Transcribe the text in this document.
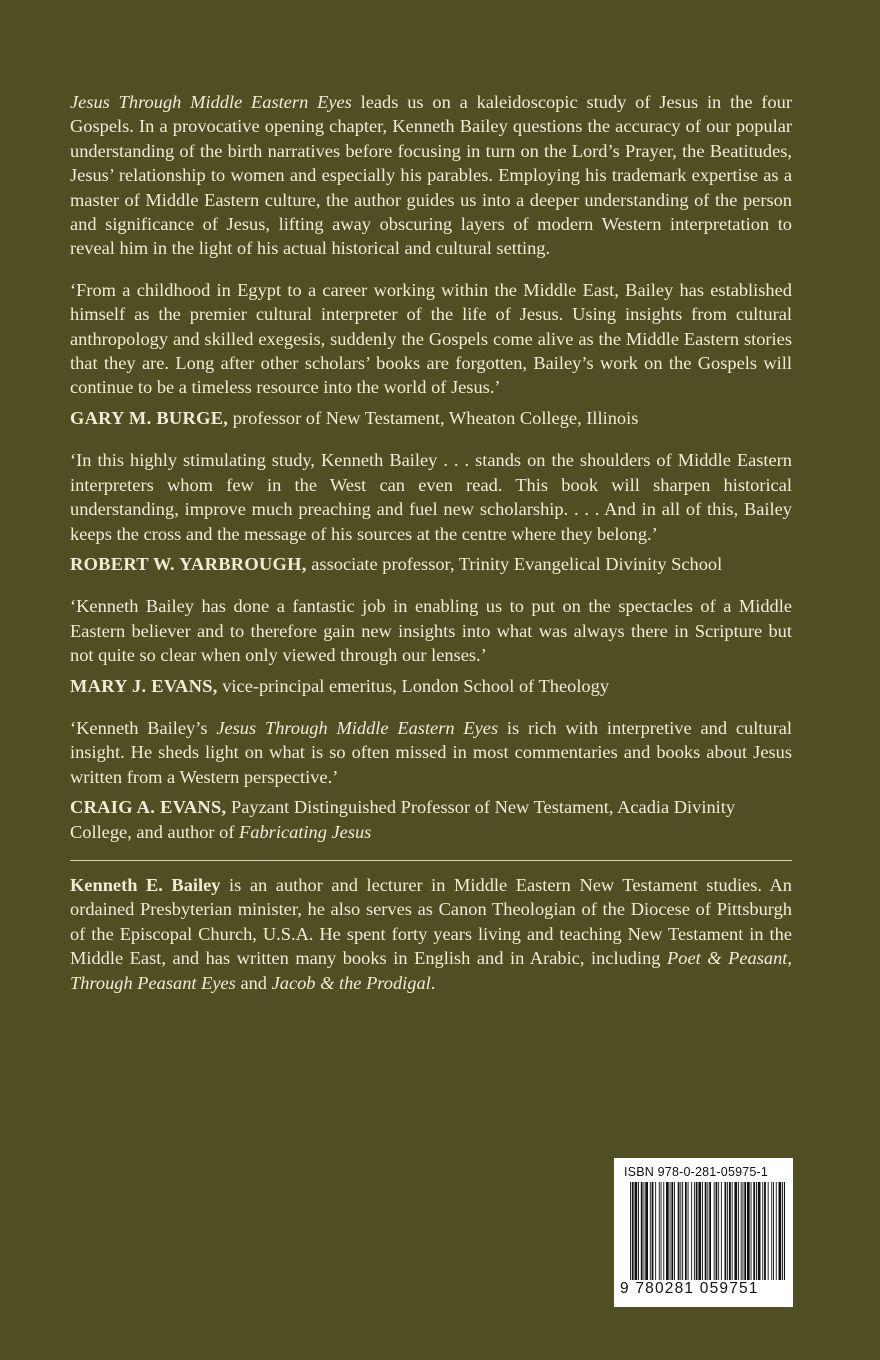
Jesus Through Middle Eastern Eyes leads us on a kaleidoscopic study of Jesus in the four Gospels. In a provocative opening chapter, Kenneth Bailey questions the accuracy of our popular understanding of the birth narratives before focusing in turn on the Lord’s Prayer, the Beatitudes, Jesus’ relationship to women and especially his parables. Employing his trademark expertise as a master of Middle Eastern culture, the author guides us into a deeper understanding of the person and significance of Jesus, lifting away obscuring layers of modern Western interpretation to reveal him in the light of his actual historical and cultural setting.

‘From a childhood in Egypt to a career working within the Middle East, Bailey has established himself as the premier cultural interpreter of the life of Jesus. Using insights from cultural anthropology and skilled exegesis, suddenly the Gospels come alive as the Middle Eastern stories that they are. Long after other scholars’ books are forgotten, Bailey’s work on the Gospels will continue to be a timeless resource into the world of Jesus.’

GARY M. BURGE, professor of New Testament, Wheaton College, Illinois

‘In this highly stimulating study, Kenneth Bailey . . . stands on the shoulders of Middle Eastern interpreters whom few in the West can even read. This book will sharpen historical understanding, improve much preaching and fuel new scholarship. . . . And in all of this, Bailey keeps the cross and the message of his sources at the centre where they belong.’

ROBERT W. YARBROUGH, associate professor, Trinity Evangelical Divinity School

‘Kenneth Bailey has done a fantastic job in enabling us to put on the spectacles of a Middle Eastern believer and to therefore gain new insights into what was always there in Scripture but not quite so clear when only viewed through our lenses.’

MARY J. EVANS, vice-principal emeritus, London School of Theology

‘Kenneth Bailey’s Jesus Through Middle Eastern Eyes is rich with interpretive and cultural insight. He sheds light on what is so often missed in most commentaries and books about Jesus written from a Western perspective.’

CRAIG A. EVANS, Payzant Distinguished Professor of New Testament, Acadia Divinity College, and author of Fabricating Jesus

Kenneth E. Bailey is an author and lecturer in Middle Eastern New Testament studies. An ordained Presbyterian minister, he also serves as Canon Theologian of the Diocese of Pittsburgh of the Episcopal Church, U.S.A. He spent forty years living and teaching New Testament in the Middle East, and has written many books in English and in Arabic, including Poet & Peasant, Through Peasant Eyes and Jacob & the Prodigal.

ISBN 978-0-281-05975-1
9 780281 059751
